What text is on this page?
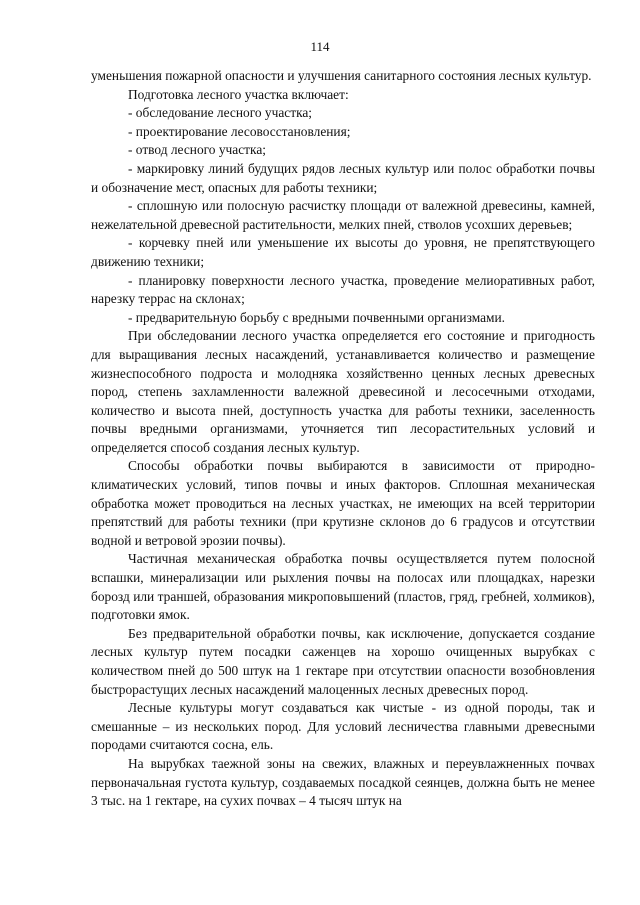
114

уменьшения пожарной опасности и улучшения санитарного состояния лесных культур.

Подготовка лесного участка включает:

- обследование лесного участка;

- проектирование лесовосстановления;

- отвод лесного участка;

- маркировку линий будущих рядов лесных культур или полос обработки почвы и обозначение мест, опасных для работы техники;

- сплошную или полосную расчистку площади от валежной древесины, камней, нежелательной древесной растительности, мелких пней, стволов усохших деревьев;

- корчевку пней или уменьшение их высоты до уровня, не препятствующего движению техники;

- планировку поверхности лесного участка, проведение мелиоративных работ, нарезку террас на склонах;

- предварительную борьбу с вредными почвенными организмами.

При обследовании лесного участка определяется его состояние и пригодность для выращивания лесных насаждений, устанавливается количество и размещение жизнеспособного подроста и молодняка хозяйственно ценных лесных древесных пород, степень захламленности валежной древесиной и лесосечными отходами, количество и высота пней, доступность участка для работы техники, заселенность почвы вредными организмами, уточняется тип лесорастительных условий и определяется способ создания лесных культур.

Способы обработки почвы выбираются в зависимости от природно-климатических условий, типов почвы и иных факторов. Сплошная механическая обработка может проводиться на лесных участках, не имеющих на всей территории препятствий для работы техники (при крутизне склонов до 6 градусов и отсутствии водной и ветровой эрозии почвы).

Частичная механическая обработка почвы осуществляется путем полосной вспашки, минерализации или рыхления почвы на полосах или площадках, нарезки борозд или траншей, образования микроповышений (пластов, гряд, гребней, холмиков), подготовки ямок.

Без предварительной обработки почвы, как исключение, допускается создание лесных культур путем посадки саженцев на хорошо очищенных вырубках с количеством пней до 500 штук на 1 гектаре при отсутствии опасности возобновления быстрорастущих лесных насаждений малоценных лесных древесных пород.

Лесные культуры могут создаваться как чистые - из одной породы, так и смешанные – из нескольких пород. Для условий лесничества главными древесными породами считаются сосна, ель.

На вырубках таежной зоны на свежих, влажных и переувлажненных почвах первоначальная густота культур, создаваемых посадкой сеянцев, должна быть не менее 3 тыс. на 1 гектаре, на сухих почвах – 4 тысяч штук на
